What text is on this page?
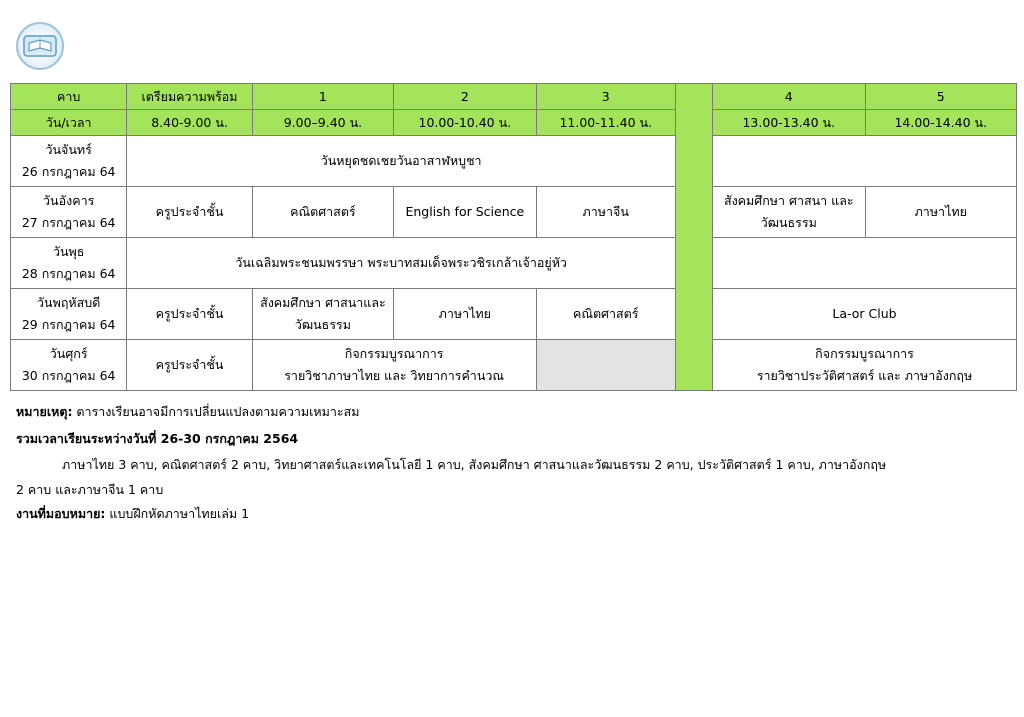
คาบ	เตรียมความพร้อม	1	2	3		4	5
วัน/เวลา	8.40-9.00 น.	9.00–9.40 น.	10.00-10.40 น.	11.00-11.40 น.		13.00-13.40 น.	14.00-14.40 น.

วันจันทร์
26 กรกฎาคม 64	วันหยุดชดเชยวันอาสาฬหบูชา						

วันอังคาร
27 กรกฎาคม 64	ครูประจำชั้น	คณิตศาสตร์	English for Science	ภาษาจีน		สังคมศึกษา ศาสนา และวัฒนธรรม	ภาษาไทย

วันพุธ
28 กรกฎาคม 64	วันเฉลิมพระชนมพรรษา พระบาทสมเด็จพระวชิรเกล้าเจ้าอยู่หัว						

วันพฤหัสบดี
29 กรกฎาคม 64	ครูประจำชั้น	สังคมศึกษา ศาสนาและวัฒนธรรม	ภาษาไทย	คณิตศาสตร์		La-or Club	

วันศุกร์
30 กรกฎาคม 64	ครูประจำชั้น	กิจกรรมบูรณาการ
รายวิชาภาษาไทย และ วิทยาการคำนวณ				กิจกรรมบูรณาการ
รายวิชาประวัติศาสตร์ และ ภาษาอังกฤษ	
หมายเหตุ: ตารางเรียนอาจมีการเปลี่ยนแปลงตามความเหมาะสม
รวมเวลาเรียนระหว่างวันที่ 26-30 กรกฎาคม 2564
ภาษาไทย 3 คาบ, คณิตศาสตร์ 2 คาบ, วิทยาศาสตร์และเทคโนโลยี 1 คาบ, สังคมศึกษา ศาสนาและวัฒนธรรม 2 คาบ, ประวัติศาสตร์ 1 คาบ, ภาษาอังกฤษ
2 คาบ และภาษาจีน 1 คาบ
งานที่มอบหมาย: แบบฝึกหัดภาษาไทยเล่ม 1
